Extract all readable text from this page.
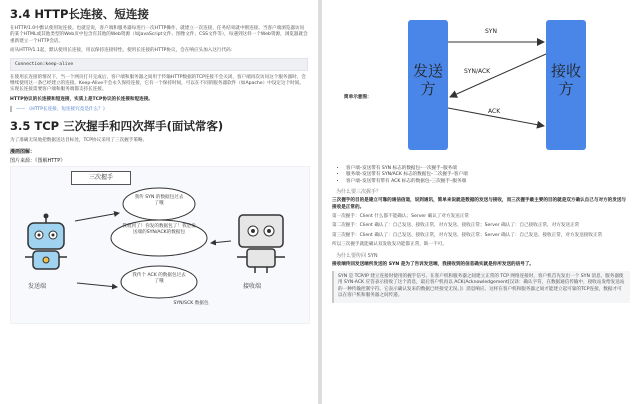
3.4 HTTP长连接、短连接

在HTTP/1.0中默认使用短连接。也就是说，客户端和服务器每进行一次HTTP操作，就建立一次连接，任务结束就中断连接。当客户端浏览器访问的某个HTML或其他类型的Web页中包含有其他的Web资源（如JavaScript文件、图像文件、CSS文件等），每遇到这样一个Web资源，浏览器就会重新建立一个HTTP会话。

而从HTTP/1.1起，默认使用长连接，用以保持连接特性。使用长连接的HTTP协议，会在响应头加入这行代码：

Connection:keep-alive

在使用长连接的情况下，当一个网页打开完成后，客户端和服务器之间用于传输HTTP数据的TCP连接不会关闭，客户端再次访问这个服务器时，会继续使用这一条已经建立的连接。Keep-Alive不会永久保持连接，它有一个保持时间，可以在不同的服务器软件（如Apache）中设定这个时间。实现长连接需要客户端和服务端都支持长连接。

HTTP协议的长连接和短连接，实质上是TCP协议的长连接和短连接。

—— 《HTTP长连接、短连接究竟是什么？》
3.5 TCP 三次握手和四次挥手(面试常客)

为了准确无误地把数据送达目标处，TCP协议采用了三次握手策略。

漫画图解：
图片来源：《图解HTTP》
三次握手
发送端	接收端
我传 SYN 的数据包过去了哦
我收到了！你发的数据包了！我是发送端的SYN/ACK的数据包
我传个 ACK 的数据包过去了哦
SYN/SCK 数据包
发送方
接收方
SYN
SYN/ACK
ACK
简单示意图：
• 客户端–发送带有 SYN 标志的数据包–一次握手–服务端
• 服务端–发送带有 SYN/ACK 标志的数据包–二次握手–客户端
• 客户端–发送带有带有 ACK 标志的数据包–三次握手–服务端
为什么要三次握手？

三次握手的目的是建立可靠的通信信道，说到通讯，简单来说就是数据的发送与接收，而三次握手最主要的目的就是双方确认自己与对方的发送与接收是正常的。

第一次握手：Client 什么都不能确认；Server 确认了对方发送正常

第二次握手：Client 确认了：自己发送、接收正常，对方发送、接收正常；Server 确认了：自己接收正常，对方发送正常

第三次握手：Client 确认了：自己发送、接收正常，对方发送、接收正常；Server 确认了：自己发送、接收正常，对方发送接收正常

所以三次握手就能确认双发收发功能都正常，缺一不可。

为什么要传回 SYN

接收端传回发送端所发送的 SYN 是为了告诉发送端，我接收到的信息确实就是你所发送的信号了。

SYN 是 TCP/IP 建立连接时使用的握手信号。在客户机和服务器之间建立正常的 TCP 网络连接时，客户机首先发出一个 SYN 消息，服务器使用 SYN-ACK 应答表示接收了这个消息，最后客户机再以 ACK(Acknowledgement[汉译：确认字符，在数据通信传输中，接收站发给发送站的一种传输控制字符。它表示确认发来的数据已经接受无误。]）消息响应。这样在客户机和服务器之间才能建立起可靠的TCP连接，数据才可以在客户机和服务器之间传递。
